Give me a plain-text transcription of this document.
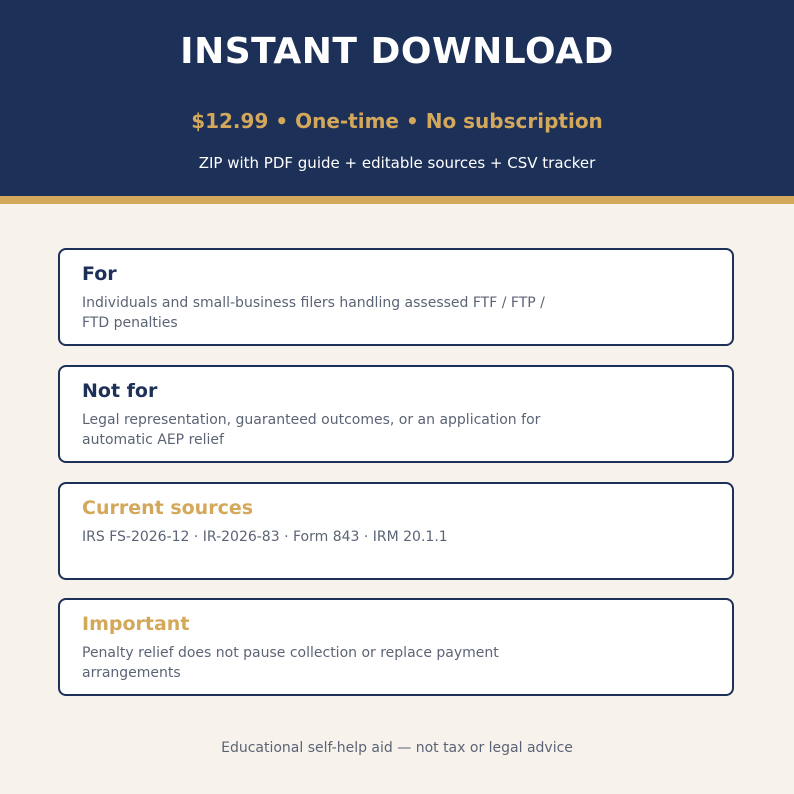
INSTANT DOWNLOAD
$12.99 • One-time • No subscription
ZIP with PDF guide + editable sources + CSV tracker
For
Individuals and small-business filers handling assessed FTF / FTP / FTD penalties
Not for
Legal representation, guaranteed outcomes, or an application for automatic AEP relief
Current sources
IRS FS-2026-12 · IR-2026-83 · Form 843 · IRM 20.1.1
Important
Penalty relief does not pause collection or replace payment arrangements
Educational self-help aid — not tax or legal advice
